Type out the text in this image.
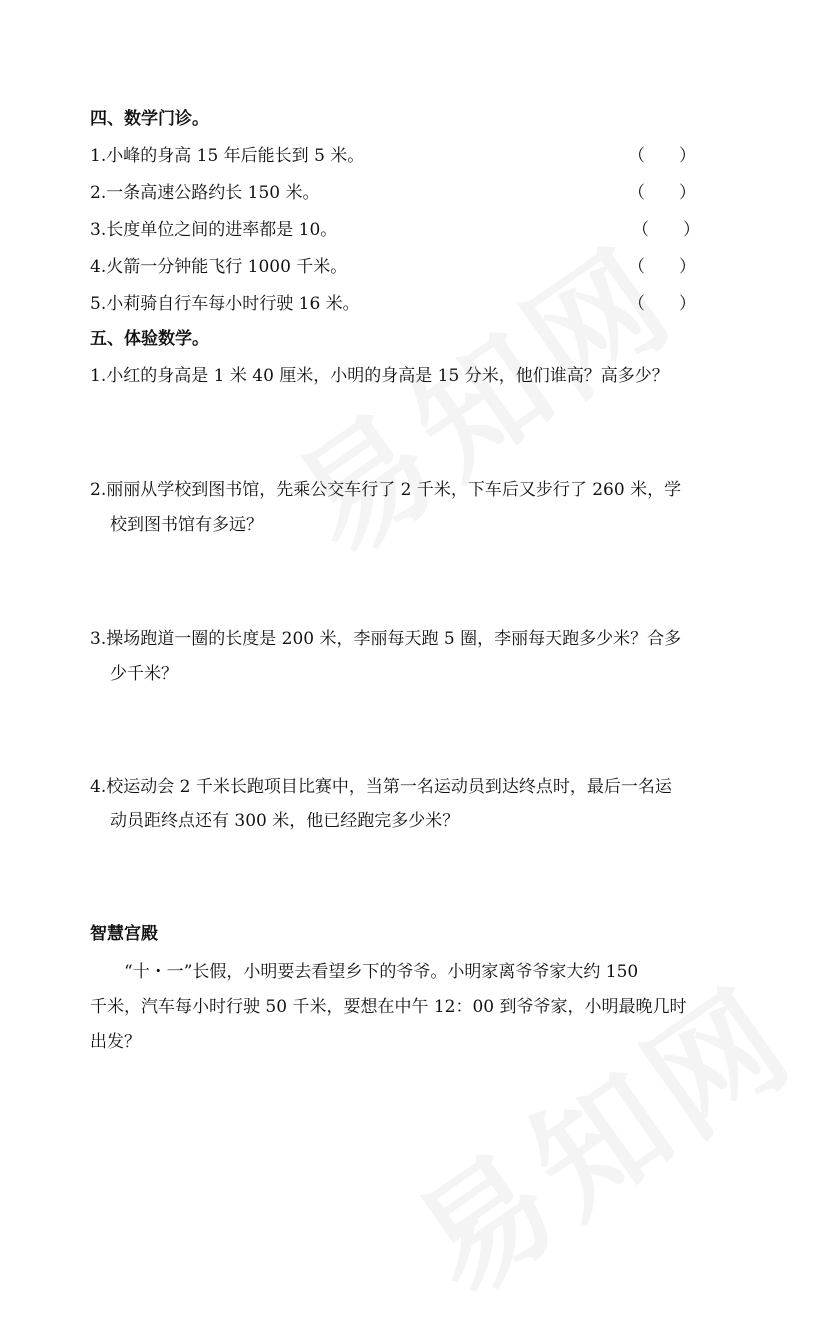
四、数学门诊。
1.小峰的身高 15 年后能长到 5 米。	（ ）
2.一条高速公路约长 150 米。	（ ）
3.长度单位之间的进率都是 10。	（ ）
4.火箭一分钟能飞行 1000 千米。	（ ）
5.小莉骑自行车每小时行驶 16 米。	（ ）
五、体验数学。
1.小红的身高是 1 米 40 厘米，小明的身高是 15 分米，他们谁高？高多少？
2.丽丽从学校到图书馆，先乘公交车行了 2 千米，下车后又步行了 260 米，学
校到图书馆有多远？
3.操场跑道一圈的长度是 200 米，李丽每天跑 5 圈，李丽每天跑多少米？合多
少千米？
4.校运动会 2 千米长跑项目比赛中，当第一名运动员到达终点时，最后一名运
动员距终点还有 300 米，他已经跑完多少米？
智慧宫殿
“十・一”长假，小明要去看望乡下的爷爷。小明家离爷爷家大约 150
千米，汽车每小时行驶 50 千米，要想在中午 12：00 到爷爷家，小明最晚几时
出发？
